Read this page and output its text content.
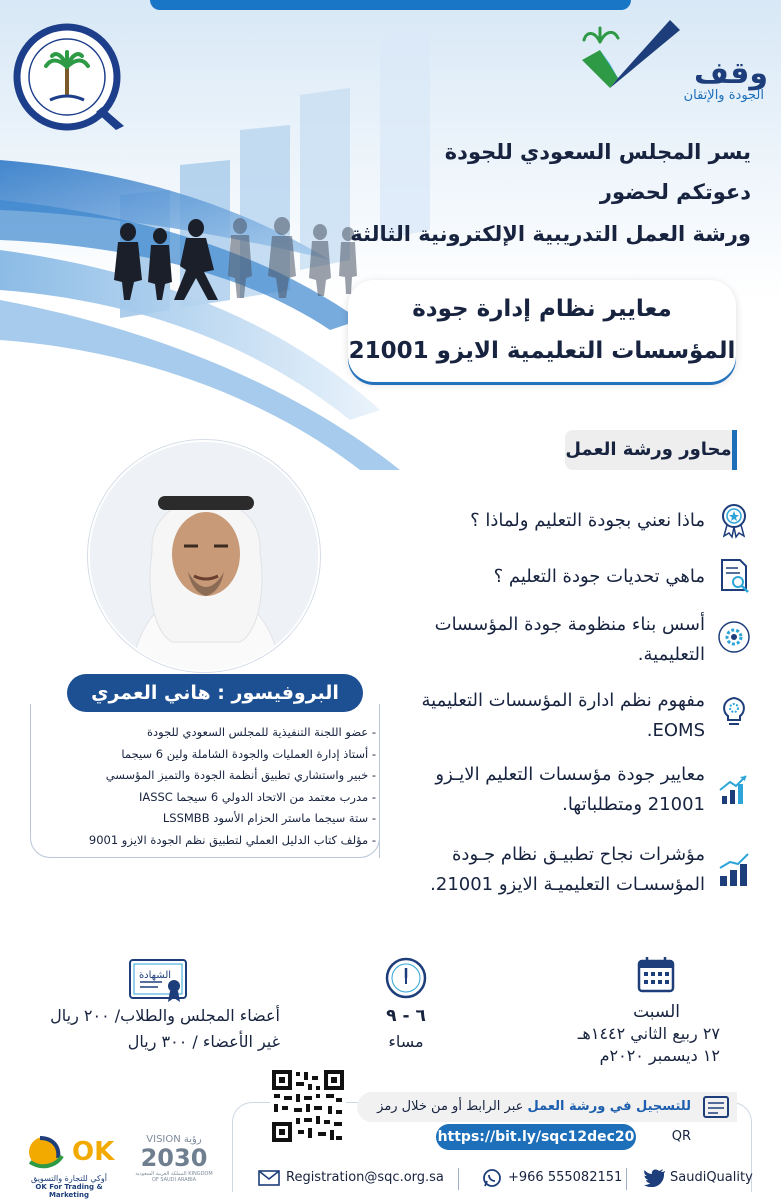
وقف
الجودة والإتقان
يسر المجلس السعودي للجودة
دعوتكم لحضور
ورشة العمل التدريبية الإلكترونية الثالثة
معايير نظام إدارة جودة
المؤسسات التعليمية الايزو 21001
محاور ورشة العمل
ماذا نعني بجودة التعليم ولماذا ؟
ماهي تحديات جودة التعليم ؟
أسس بناء منظومة جودة المؤسسات التعليمية.
مفهوم نظم ادارة المؤسسات التعليمية EOMS.
معايير جودة مؤسسات التعليم الايـزو 21001 ومتطلباتها.
مؤشرات نجاح تطبيـق نظام جـودة المؤسسـات التعليميـة الايزو 21001.
البروفيسور : هاني العمري
- عضو اللجنة التنفيذية للمجلس السعودي للجودة
- أستاذ إدارة العمليات والجودة الشاملة ولين 6 سيجما
- خبير واستشاري تطبيق أنظمة الجودة والتميز المؤسسي
- مدرب معتمد من الاتحاد الدولي 6 سيجما IASSC
- ستة سيجما ماستر الحزام الأسود LSSMBB
- مؤلف كتاب الدليل العملي لتطبيق نظم الجودة الايزو 9001
الشهادة
أعضاء المجلس والطلاب/ ٢٠٠ ريال
غير الأعضاء / ٣٠٠ ريال
٦ - ٩
مساء
السبت
٢٧ ربيع الثاني ١٤٤٢هـ
١٢ ديسمبر ٢٠٢٠م
للتسجيل في ورشة العمل عبر الرابط أو من خلال رمز QR
https://bit.ly/sqc12dec20
Registration@sqc.org.sa	+966 555082151	SaudiQuality
VISION رؤية
2030
المملكة العربية السعودية KINGDOM OF SAUDI ARABIA
OK
أوكي للتجارة والتسويق
OK For Trading & Marketing
